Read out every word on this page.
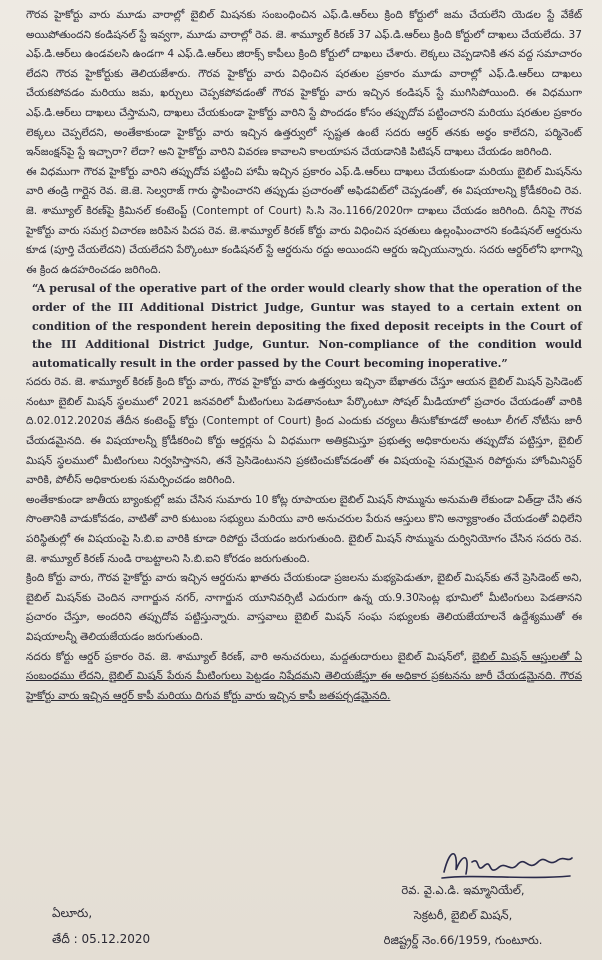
గౌరవ హైకోర్టు వారు మూడు వారాల్లో బైబిల్ మిషనకు సంబంధించిన ఎఫ్.డి.ఆర్‌లు క్రింది కోర్టులో జమ చేయలేని యెడల స్టే వేకేట్ అయిపోతుందని కండిషనల్ స్టే ఇవ్వగా, మూడు వారాల్లో రెవ. జె. శామ్యూల్ కిరణ్ 37 ఎఫ్.డి.ఆర్‌లు క్రింది కోర్టులో దాఖలు చేయలేదు. 37 ఎఫ్.డి.ఆర్‌లు ఉండవలసి ఉండగా 4 ఎఫ్.డి.ఆర్‌లు జిరాక్స్ కాపీలు క్రింది కోర్టులో దాఖలు చేశారు. లెక్కలు చెప్పడానికి తన వద్ద సమాచారం లేదని గౌరవ హైకోర్టుకు తెలియజేశారు. గౌరవ హైకోర్టు వారు విధించిన షరతుల ప్రకారం మూడు వారాల్లో ఎఫ్.డి.ఆర్‌లు దాఖలు చేయకపోవడం మరియు జమ, ఖర్చులు చెప్పకపోవడంతో గౌరవ హైకోర్టు వారు ఇచ్చిన కండిషన్ స్టే ముగిసిపోయింది. ఈ విధముగా ఎఫ్.డి.ఆర్‌లు దాఖలు చేస్తామని, దాఖలు చేయకుండా హైకోర్టు వారిని స్టే పొందడం కోసం తప్పుదోవ పట్టించారని మరియు షరతుల ప్రకారం లెక్కలు చెప్పలేదని, అంతేకాకుండా హైకోర్టు వారు ఇచ్చిన ఉత్తర్వులో స్పష్టత ఉంటే సదరు ఆర్డర్ తనకు అర్థం కాలేదని, పర్మినెంట్ ఇన్‌జంక్షన్‌పై స్టే ఇచ్చారా? లేదా? అని హైకోర్టు వారిని వివరణ కావాలని కాలయాపన చేయడానికి పిటిషన్ దాఖలు చేయడం జరిగింది.

ఈ విధముగా గౌరవ హైకోర్టు వారిని తప్పుదోవ పట్టించి హామీ ఇచ్చిన ప్రకారం ఎఫ్.డి.ఆర్‌లు దాఖలు చేయకుండా మరియు బైబిల్ మిషన్‌ను వారి తండ్రి గార్లైన రెవ. జె.జె. సెల్వరాజ్ గారు స్థాపించారని తప్పుడు ప్రచారంతో అఫిడవిట్‌లో చెప్పడంతో, ఈ విషయాలన్ని క్రోడీకరించి రెవ. జె. శామ్యూల్ కిరణ్‌పై క్రిమినల్ కంటెంప్ట్ (Contempt of Court) సి.సి నెం.1166/2020గా దాఖలు చేయడం జరిగింది. దీనిపై గౌరవ హైకోర్టు వారు సమగ్ర విచారణ జరిపిన పిదప రెవ. జె.శామ్యూల్ కిరణ్ కోర్టు వారు విధించిన షరతులు ఉల్లంఘించారని కండిషనల్ ఆర్డరును కూడ (పూర్తి చేయలేదని) చేయలేదని పేర్కొంటూ కండిషనల్ స్టే ఆర్డరును రద్దు అయిందని ఆర్డరు ఇచ్చియున్నారు. సదరు ఆర్డర్‌లోని భాగాన్ని ఈ క్రింద ఉదహరించడం జరిగింది.

“A perusal of the operative part of the order would clearly show that the operation of the order of the III Additional District Judge, Guntur was stayed to a certain extent on condition of the respondent herein depositing the fixed deposit receipts in the Court of the III Additional District Judge, Guntur. Non-compliance of the condition would automatically result in the order passed by the Court becoming inoperative.”

సదరు రెవ. జె. శామ్యూల్ కిరణ్ క్రింది కోర్టు వారు, గౌరవ హైకోర్టు వారు ఉత్తర్వులు ఇచ్చినా బేఖాతరు చేస్తూ ఆయన బైబిల్ మిషన్ ప్రెసిడెంట్ నంటూ బైబిల్ మిషన్ స్థలములో 2021 జనవరిలో మీటింగులు పెడతానంటూ పేర్కొంటూ సోషల్ మీడియాలో ప్రచారం చేయడంతో వారికి ది.02.012.2020వ తేదీన కంటెంప్ట్ కోర్టు (Contempt of Court) క్రింద ఎందుకు చర్యలు తీసుకోకూడదో అంటూ లీగల్ నోటీసు జారీ చేయడమైనది. ఈ విషయాలన్నీ క్రోడీకరించి కోర్టు ఆర్డర్లను ఏ విధముగా అతిక్రమిస్తూ ప్రభుత్వ అధికారులను తప్పుదోవ పట్టిస్తూ, బైబిల్ మిషన్ స్థలములో మీటింగులు నిర్వహిస్తానని, తనే ప్రెసిడెంటునని ప్రకటించుకోవడంతో ఈ విషయంపై సమగ్రమైన రిపోర్టును హోంమినిస్టర్ వారికి, పోలీస్ అధికారులకు సమర్పించడం జరిగింది.

అంతేకాకుండా జాతీయ బ్యాంకుల్లో జమ చేసిన సుమారు 10 కోట్ల రూపాయల బైబిల్ మిషన్ సొమ్మును అనుమతి లేకుండా విత్‌డ్రా చేసి తన సొంతానికి వాడుకోవడం, వాటితో వారి కుటుంబ సభ్యులు మరియు వారి అనుచరుల పేరున ఆస్తులు కొని అన్యాక్రాంతం చేయడంతో విధిలేని పరిస్థితుల్లో ఈ విషయంపై సి.బి.ఐ వారికి కూడా రిపోర్టు చేయడం జరుగుతుంది. బైబిల్ మిషన్ సొమ్మును దుర్వినియోగం చేసిన సదరు రెవ. జె. శామ్యూల్ కిరణ్ నుండి రాబట్టాలని సి.బి.ఐని కోరడం జరుగుతుంది.

క్రింది కోర్టు వారు, గౌరవ హైకోర్టు వారు ఇచ్చిన ఆర్డరును ఖాతరు చేయకుండా ప్రజలను మభ్యపెడుతూ, బైబిల్ మిషన్‌కు తనే ప్రెసిడెంట్ అని, బైబిల్ మిషన్‌కు చెందిన నాగార్జున నగర్, నాగార్జున యూనివర్సిటీ ఎదురుగా ఉన్న య.9.30సెంట్ల భూమిలో మీటింగులు పెడతానని ప్రచారం చేస్తూ, అందరిని తప్పుదోవ పట్టిస్తున్నారు. వాస్తవాలు బైబిల్ మిషన్ సంఘ సభ్యులకు తెలియజేయాలనే ఉద్దేశ్యముతో ఈ విషయాలన్నీ తెలియజేయడం జరుగుతుంది.

నదరు కోర్టు ఆర్డర్ ప్రకారం రెవ. జె. శామ్యూల్ కిరణ్, వారి అనుచరులు, మద్దతుదారులు బైబిల్ మిషన్‌లో, బైబిల్ మిషన్ ఆస్తులతో ఏ సంబంధము లేదని, బైబిల్ మిషన్ పేరున మీటింగులు పెట్టడం నిషేదమని తెలియజేస్తూ ఈ అధికార ప్రకటనను జారీ చేయడమైనది. గౌరవ హైకోర్టు వారు ఇచ్చిన ఆర్డర్ కాపీ మరియు దిగువ కోర్టు వారు ఇచ్చిన కాపీ జతపర్చడమైనది.

ఏలూరు,
తేదీ : 05.12.2020
రెవ. వై.ఎ.డి. ఇమ్మానియేల్,
సెక్రటరీ, బైబిల్ మిషన్,
రిజిష్ట్రర్డ్ నెం.66/1959, గుంటూరు.
